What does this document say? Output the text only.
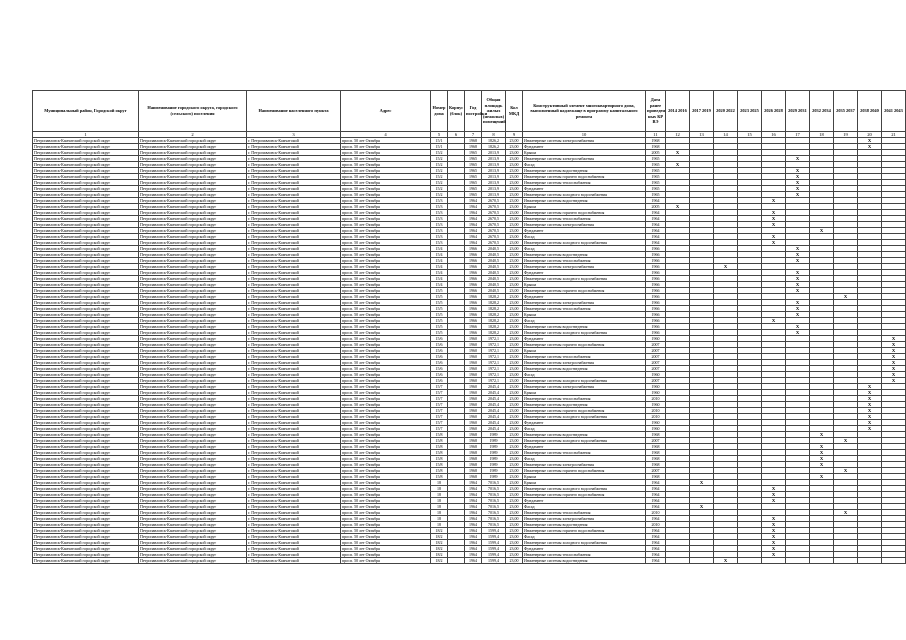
Муниципальный район, Городской округ	Наименование городского округа, городского (сельского) поселения	Наименование населенного пункта	Адрес	Номер дома	Корпус (блок)	Год постройки	Общая площадь жилых (нежилых) помещений	Кол МКД	Конструктивный элемент многоквартирного дома, выполненный надлежаще в программу капитального ремонта	Дата ранее проведен ных КР ВЭ	2014 2016	2017 2019	2020 2022	2023 2025	2026 2028	2029 2031	2032 2034	2035 2037	2038 2040	2041 2043
1	2	3	4	5	6	7	8	9	10	11	12	13	14	15	16	17	18	19	20	21
Петропавловск-Камчатский городской округ	Петропавловск-Камчатский городской округ	г. Петропавловск-Камчатский	просп. 50 лет Октября	15/1		1968	1826,2	23,00	Инженерные системы электроснабжения	1968									X	
Петропавловск-Камчатский городской округ	Петропавловск-Камчатский городской округ	г. Петропавловск-Камчатский	просп. 50 лет Октября	15/1		1968	1826,2	23,00	Фундамент	1968									X	
Петропавловск-Камчатский городской округ	Петропавловск-Камчатский городской округ	г. Петропавловск-Камчатский	просп. 50 лет Октября	15/2		1965	2013,9	23,00	Крыша	2005	X									
Петропавловск-Камчатский городской округ	Петропавловск-Камчатский городской округ	г. Петропавловск-Камчатский	просп. 50 лет Октября	15/2		1965	2013,9	23,00	Инженерные системы электроснабжения	1965						X				
Петропавловск-Камчатский городской округ	Петропавловск-Камчатский городской округ	г. Петропавловск-Камчатский	просп. 50 лет Октября	15/2		1965	2013,9	23,00	Фасад	1965	X									
Петропавловск-Камчатский городской округ	Петропавловск-Камчатский городской округ	г. Петропавловск-Камчатский	просп. 50 лет Октября	15/2		1965	2013,9	23,00	Инженерные системы водоотведения	1965						X				
Петропавловск-Камчатский городской округ	Петропавловск-Камчатский городской округ	г. Петропавловск-Камчатский	просп. 50 лет Октября	15/2		1965	2013,9	23,00	Инженерные системы горячего водоснабжения	1965						X				
Петропавловск-Камчатский городской округ	Петропавловск-Камчатский городской округ	г. Петропавловск-Камчатский	просп. 50 лет Октября	15/2		1965	2013,9	23,00	Инженерные системы теплоснабжения	1965						X				
Петропавловск-Камчатский городской округ	Петропавловск-Камчатский городской округ	г. Петропавловск-Камчатский	просп. 50 лет Октября	15/2		1965	2013,9	23,00	Фундамент	1965						X				
Петропавловск-Камчатский городской округ	Петропавловск-Камчатский городской округ	г. Петропавловск-Камчатский	просп. 50 лет Октября	15/2		1965	2013,9	23,00	Инженерные системы холодного водоснабжения	1965						X				
Петропавловск-Камчатский городской округ	Петропавловск-Камчатский городской округ	г. Петропавловск-Камчатский	просп. 50 лет Октября	15/3		1964	2670,5	23,00	Инженерные системы водоотведения	1964					X					
Петропавловск-Камчатский городской округ	Петропавловск-Камчатский городской округ	г. Петропавловск-Камчатский	просп. 50 лет Октября	15/3		1964	2670,5	23,00	Крыша	2005	X									
Петропавловск-Камчатский городской округ	Петропавловск-Камчатский городской округ	г. Петропавловск-Камчатский	просп. 50 лет Октября	15/3		1964	2670,5	23,00	Инженерные системы горячего водоснабжения	1964					X					
Петропавловск-Камчатский городской округ	Петропавловск-Камчатский городской округ	г. Петропавловск-Камчатский	просп. 50 лет Октября	15/3		1964	2670,5	23,00	Инженерные системы теплоснабжения	1964					X					
Петропавловск-Камчатский городской округ	Петропавловск-Камчатский городской округ	г. Петропавловск-Камчатский	просп. 50 лет Октября	15/3		1964	2670,5	23,00	Инженерные системы электроснабжения	1964					X					
Петропавловск-Камчатский городской округ	Петропавловск-Камчатский городской округ	г. Петропавловск-Камчатский	просп. 50 лет Октября	15/3		1964	2670,5	23,00	Фундамент	1964							X			
Петропавловск-Камчатский городской округ	Петропавловск-Камчатский городской округ	г. Петропавловск-Камчатский	просп. 50 лет Октября	15/3		1964	2670,5	23,00	Фасад	1964					X					
Петропавловск-Камчатский городской округ	Петропавловск-Камчатский городской округ	г. Петропавловск-Камчатский	просп. 50 лет Октября	15/3		1964	2670,5	23,00	Инженерные системы холодного водоснабжения	1964					X					
Петропавловск-Камчатский городской округ	Петропавловск-Камчатский городской округ	г. Петропавловск-Камчатский	просп. 50 лет Октября	15/4		1966	2040,5	23,00	Фасад	1966						X				
Петропавловск-Камчатский городской округ	Петропавловск-Камчатский городской округ	г. Петропавловск-Камчатский	просп. 50 лет Октября	15/4		1966	2040,5	23,00	Инженерные системы водоотведения	1966						X				
Петропавловск-Камчатский городской округ	Петропавловск-Камчатский городской округ	г. Петропавловск-Камчатский	просп. 50 лет Октября	15/4		1966	2040,5	23,00	Инженерные системы теплоснабжения	1966						X				
Петропавловск-Камчатский городской округ	Петропавловск-Камчатский городской округ	г. Петропавловск-Камчатский	просп. 50 лет Октября	15/4		1966	2040,5	23,00	Инженерные системы электроснабжения	1966			X							
Петропавловск-Камчатский городской округ	Петропавловск-Камчатский городской округ	г. Петропавловск-Камчатский	просп. 50 лет Октября	15/4		1966	2040,5	23,00	Фундамент	1966						X				
Петропавловск-Камчатский городской округ	Петропавловск-Камчатский городской округ	г. Петропавловск-Камчатский	просп. 50 лет Октября	15/4		1966	2040,5	23,00	Инженерные системы холодного водоснабжения	1966						X				
Петропавловск-Камчатский городской округ	Петропавловск-Камчатский городской округ	г. Петропавловск-Камчатский	просп. 50 лет Октября	15/4		1966	2040,5	23,00	Крыша	1966						X				
Петропавловск-Камчатский городской округ	Петропавловск-Камчатский городской округ	г. Петропавловск-Камчатский	просп. 50 лет Октября	15/5		1966	2040,5	23,00	Инженерные системы горячего водоснабжения	1966						X				
Петропавловск-Камчатский городской округ	Петропавловск-Камчатский городской округ	г. Петропавловск-Камчатский	просп. 50 лет Октября	15/5		1966	1828,2	23,00	Фундамент	1966								X		
Петропавловск-Камчатский городской округ	Петропавловск-Камчатский городской округ	г. Петропавловск-Камчатский	просп. 50 лет Октября	15/5		1966	1828,2	23,00	Инженерные системы электроснабжения	1966						X				
Петропавловск-Камчатский городской округ	Петропавловск-Камчатский городской округ	г. Петропавловск-Камчатский	просп. 50 лет Октября	15/5		1966	1828,2	23,00	Инженерные системы теплоснабжения	1966						X				
Петропавловск-Камчатский городской округ	Петропавловск-Камчатский городской округ	г. Петропавловск-Камчатский	просп. 50 лет Октября	15/5		1966	1828,2	23,00	Крыша	1966						X				
Петропавловск-Камчатский городской округ	Петропавловск-Камчатский городской округ	г. Петропавловск-Камчатский	просп. 50 лет Октября	15/5		1966	1828,2	23,00	Фасад	1966					X					
Петропавловск-Камчатский городской округ	Петропавловск-Камчатский городской округ	г. Петропавловск-Камчатский	просп. 50 лет Октября	15/5		1966	1828,2	23,00	Инженерные системы водоотведения	1966						X				
Петропавловск-Камчатский городской округ	Петропавловск-Камчатский городской округ	г. Петропавловск-Камчатский	просп. 50 лет Октября	15/5		1966	1828,2	23,00	Инженерные системы холодного водоснабжения	1966						X				
Петропавловск-Камчатский городской округ	Петропавловск-Камчатский городской округ	г. Петропавловск-Камчатский	просп. 50 лет Октября	15/6		1960	1972,1	23,00	Фундамент	1960										X
Петропавловск-Камчатский городской округ	Петропавловск-Камчатский городской округ	г. Петропавловск-Камчатский	просп. 50 лет Октября	15/6		1960	1972,1	23,00	Инженерные системы горячего водоснабжения	2007										X
Петропавловск-Камчатский городской округ	Петропавловск-Камчатский городской округ	г. Петропавловск-Камчатский	просп. 50 лет Октября	15/6		1960	1972,1	23,00	Крыша	2007										X
Петропавловск-Камчатский городской округ	Петропавловск-Камчатский городской округ	г. Петропавловск-Камчатский	просп. 50 лет Октября	15/6		1960	1972,1	23,00	Инженерные системы теплоснабжения	2007										X
Петропавловск-Камчатский городской округ	Петропавловск-Камчатский городской округ	г. Петропавловск-Камчатский	просп. 50 лет Октября	15/6		1960	1972,1	23,00	Инженерные системы электроснабжения	2007										X
Петропавловск-Камчатский городской округ	Петропавловск-Камчатский городской округ	г. Петропавловск-Камчатский	просп. 50 лет Октября	15/6		1960	1972,1	23,00	Инженерные системы водоотведения	2007										X
Петропавловск-Камчатский городской округ	Петропавловск-Камчатский городской округ	г. Петропавловск-Камчатский	просп. 50 лет Октября	15/6		1960	1972,1	23,00	Фасад	1960										X
Петропавловск-Камчатский городской округ	Петропавловск-Камчатский городской округ	г. Петропавловск-Камчатский	просп. 50 лет Октября	15/6		1960	1972,1	23,00	Инженерные системы холодного водоснабжения	2007										X
Петропавловск-Камчатский городской округ	Петропавловск-Камчатский городской округ	г. Петропавловск-Камчатский	просп. 50 лет Октября	15/7		1960	2045,4	23,00	Инженерные системы электроснабжения	1960									X	
Петропавловск-Камчатский городской округ	Петропавловск-Камчатский городской округ	г. Петропавловск-Камчатский	просп. 50 лет Октября	15/7		1960	2045,4	23,00	Крыша	1960									X	
Петропавловск-Камчатский городской округ	Петропавловск-Камчатский городской округ	г. Петропавловск-Камчатский	просп. 50 лет Октября	15/7		1960	2045,4	23,00	Инженерные системы теплоснабжения	2010									X	
Петропавловск-Камчатский городской округ	Петропавловск-Камчатский городской округ	г. Петропавловск-Камчатский	просп. 50 лет Октября	15/7		1960	2045,4	23,00	Инженерные системы водоотведения	1960									X	
Петропавловск-Камчатский городской округ	Петропавловск-Камчатский городской округ	г. Петропавловск-Камчатский	просп. 50 лет Октября	15/7		1960	2045,4	23,00	Инженерные системы горячего водоснабжения	2010									X	
Петропавловск-Камчатский городской округ	Петропавловск-Камчатский городской округ	г. Петропавловск-Камчатский	просп. 50 лет Октября	15/7		1960	2045,4	23,00	Инженерные системы холодного водоснабжения	2010									X	
Петропавловск-Камчатский городской округ	Петропавловск-Камчатский городской округ	г. Петропавловск-Камчатский	просп. 50 лет Октября	15/7		1960	2045,4	23,00	Фундамент	1960									X	
Петропавловск-Камчатский городской округ	Петропавловск-Камчатский городской округ	г. Петропавловск-Камчатский	просп. 50 лет Октября	15/7		1960	2045,4	23,00	Фасад	1960									X	
Петропавловск-Камчатский городской округ	Петропавловск-Камчатский городской округ	г. Петропавловск-Камчатский	просп. 50 лет Октября	15/8		1968	1989	23,00	Инженерные системы водоотведения	1968							X			
Петропавловск-Камчатский городской округ	Петропавловск-Камчатский городской округ	г. Петропавловск-Камчатский	просп. 50 лет Октября	15/8		1968	1989	23,00	Инженерные системы холодного водоснабжения	2007								X		
Петропавловск-Камчатский городской округ	Петропавловск-Камчатский городской округ	г. Петропавловск-Камчатский	просп. 50 лет Октября	15/8		1968	1989	23,00	Фундамент	1968							X			
Петропавловск-Камчатский городской округ	Петропавловск-Камчатский городской округ	г. Петропавловск-Камчатский	просп. 50 лет Октября	15/8		1968	1989	23,00	Инженерные системы теплоснабжения	1968							X			
Петропавловск-Камчатский городской округ	Петропавловск-Камчатский городской округ	г. Петропавловск-Камчатский	просп. 50 лет Октября	15/8		1968	1989	23,00	Фасад	1968							X			
Петропавловск-Камчатский городской округ	Петропавловск-Камчатский городской округ	г. Петропавловск-Камчатский	просп. 50 лет Октября	15/8		1968	1989	23,00	Инженерные системы электроснабжения	1968							X			
Петропавловск-Камчатский городской округ	Петропавловск-Камчатский городской округ	г. Петропавловск-Камчатский	просп. 50 лет Октября	15/8		1968	1989	23,00	Инженерные системы горячего водоснабжения	2007								X		
Петропавловск-Камчатский городской округ	Петропавловск-Камчатский городской округ	г. Петропавловск-Камчатский	просп. 50 лет Октября	15/8		1968	1989	23,00	Крыша	1968							X			
Петропавловск-Камчатский городской округ	Петропавловск-Камчатский городской округ	г. Петропавловск-Камчатский	просп. 50 лет Октября	18		1964	7016,5	23,00	Крыша	1964		X								
Петропавловск-Камчатский городской округ	Петропавловск-Камчатский городской округ	г. Петропавловск-Камчатский	просп. 50 лет Октября	18		1964	7016,5	23,00	Инженерные системы холодного водоснабжения	1964					X					
Петропавловск-Камчатский городской округ	Петропавловск-Камчатский городской округ	г. Петропавловск-Камчатский	просп. 50 лет Октября	18		1964	7016,5	23,00	Инженерные системы горячего водоснабжения	1964					X					
Петропавловск-Камчатский городской округ	Петропавловск-Камчатский городской округ	г. Петропавловск-Камчатский	просп. 50 лет Октября	18		1964	7016,5	23,00	Фундамент	1964					X					
Петропавловск-Камчатский городской округ	Петропавловск-Камчатский городской округ	г. Петропавловск-Камчатский	просп. 50 лет Октября	18		1964	7016,5	23,00	Фасад	1964		X								
Петропавловск-Камчатский городской округ	Петропавловск-Камчатский городской округ	г. Петропавловск-Камчатский	просп. 50 лет Октября	18		1964	7016,5	23,00	Инженерные системы теплоснабжения	2010								X		
Петропавловск-Камчатский городской округ	Петропавловск-Камчатский городской округ	г. Петропавловск-Камчатский	просп. 50 лет Октября	18		1964	7016,5	23,00	Инженерные системы электроснабжения	1964					X					
Петропавловск-Камчатский городской округ	Петропавловск-Камчатский городской округ	г. Петропавловск-Камчатский	просп. 50 лет Октября	18		1964	7016,5	23,00	Инженерные системы водоотведения	2010					X					
Петропавловск-Камчатский городской округ	Петропавловск-Камчатский городской округ	г. Петропавловск-Камчатский	просп. 50 лет Октября	18/2		1964	1599,4	23,00	Инженерные системы горячего водоснабжения	1964					X					
Петропавловск-Камчатский городской округ	Петропавловск-Камчатский городской округ	г. Петропавловск-Камчатский	просп. 50 лет Октября	18/2		1964	1599,4	23,00	Фасад	1964					X					
Петропавловск-Камчатский городской округ	Петропавловск-Камчатский городской округ	г. Петропавловск-Камчатский	просп. 50 лет Октября	18/2		1964	1599,4	23,00	Инженерные системы холодного водоснабжения	1964					X					
Петропавловск-Камчатский городской округ	Петропавловск-Камчатский городской округ	г. Петропавловск-Камчатский	просп. 50 лет Октября	18/2		1964	1599,4	23,00	Фундамент	1964					X					
Петропавловск-Камчатский городской округ	Петропавловск-Камчатский городской округ	г. Петропавловск-Камчатский	просп. 50 лет Октября	18/2		1964	1599,4	23,00	Инженерные системы теплоснабжения	1964					X					
Петропавловск-Камчатский городской округ	Петропавловск-Камчатский городской округ	г. Петропавловск-Камчатский	просп. 50 лет Октября	18/2		1964	1599,4	23,00	Инженерные системы водоотведения	1964			X							
